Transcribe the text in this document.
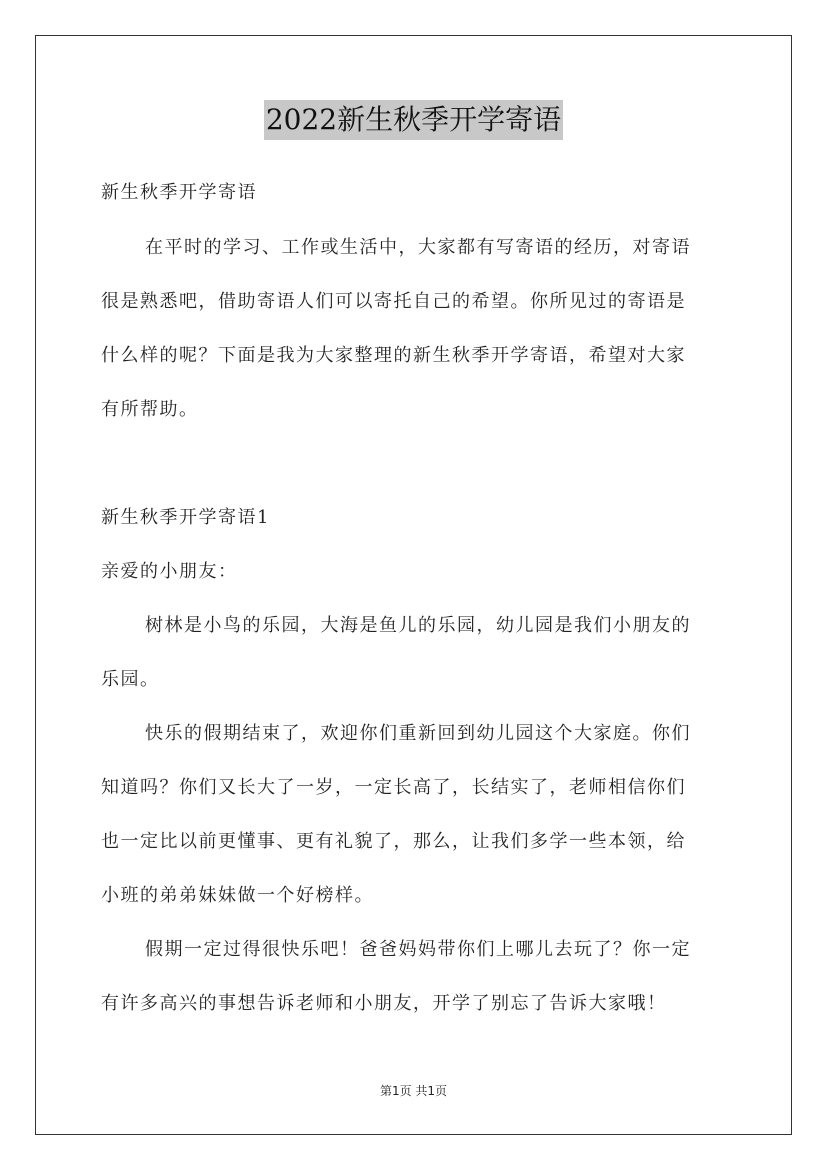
2022新生秋季开学寄语
新生秋季开学寄语
在平时的学习、工作或生活中，大家都有写寄语的经历，对寄语
很是熟悉吧，借助寄语人们可以寄托自己的希望。你所见过的寄语是
什么样的呢？下面是我为大家整理的新生秋季开学寄语，希望对大家
有所帮助。
新生秋季开学寄语1
亲爱的小朋友：
树林是小鸟的乐园，大海是鱼儿的乐园，幼儿园是我们小朋友的
乐园。
快乐的假期结束了，欢迎你们重新回到幼儿园这个大家庭。你们
知道吗？你们又长大了一岁，一定长高了，长结实了，老师相信你们
也一定比以前更懂事、更有礼貌了，那么，让我们多学一些本领，给
小班的弟弟妹妹做一个好榜样。
假期一定过得很快乐吧！爸爸妈妈带你们上哪儿去玩了？你一定
有许多高兴的事想告诉老师和小朋友，开学了别忘了告诉大家哦！
第1页 共1页
